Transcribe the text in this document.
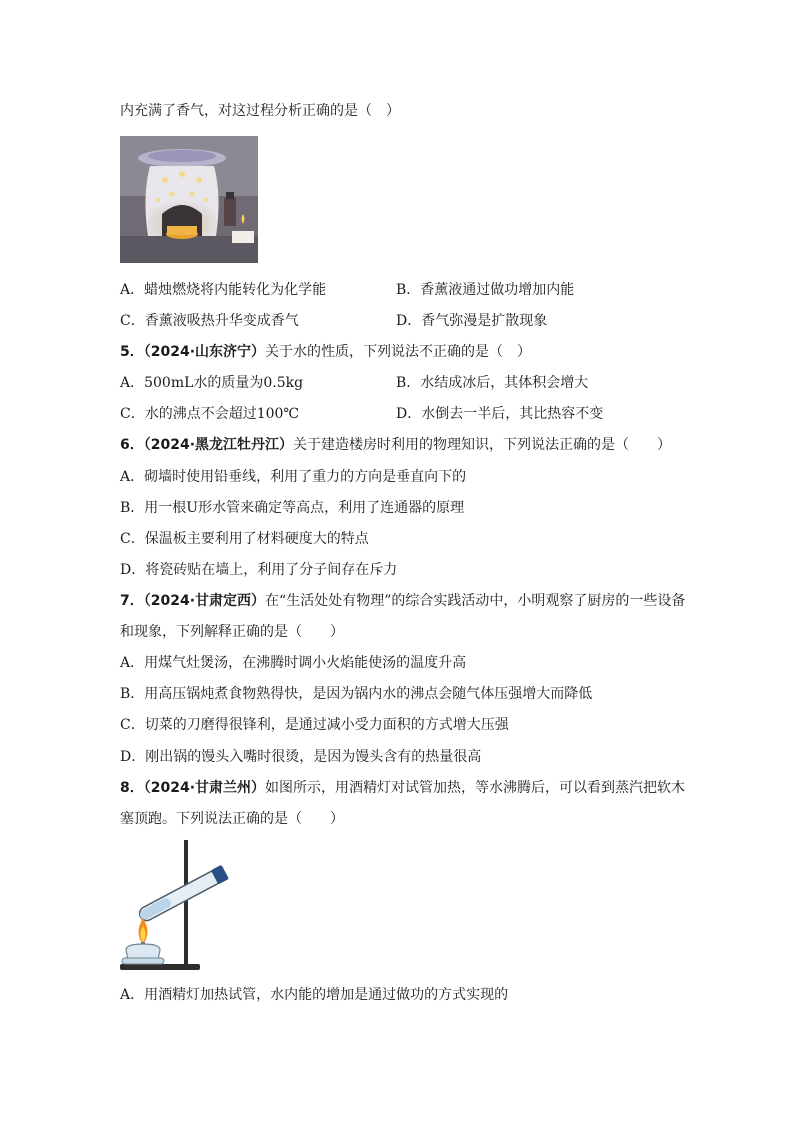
内充满了香气，对这过程分析正确的是（　）
A．蜡烛燃烧将内能转化为化学能	B．香薰液通过做功增加内能
C．香薰液吸热升华变成香气	D．香气弥漫是扩散现象
5．（2024·山东济宁）关于水的性质，下列说法不正确的是（　）
A．500mL水的质量为0.5kg	B．水结成冰后，其体积会增大
C．水的沸点不会超过100℃	D．水倒去一半后，其比热容不变
6．（2024·黑龙江牡丹江）关于建造楼房时利用的物理知识，下列说法正确的是（　　）
A．砌墙时使用铅垂线，利用了重力的方向是垂直向下的
B．用一根U形水管来确定等高点，利用了连通器的原理
C．保温板主要利用了材料硬度大的特点
D．将瓷砖贴在墙上，利用了分子间存在斥力
7．（2024·甘肃定西）在“生活处处有物理”的综合实践活动中，小明观察了厨房的一些设备
和现象，下列解释正确的是（　　）
A．用煤气灶煲汤，在沸腾时调小火焰能使汤的温度升高
B．用高压锅炖煮食物熟得快，是因为锅内水的沸点会随气体压强增大而降低
C．切菜的刀磨得很锋利，是通过减小受力面积的方式增大压强
D．刚出锅的馒头入嘴时很烫，是因为馒头含有的热量很高
8．（2024·甘肃兰州）如图所示，用酒精灯对试管加热，等水沸腾后，可以看到蒸汽把软木
塞顶跑。下列说法正确的是（　　）
A．用酒精灯加热试管，水内能的增加是通过做功的方式实现的
